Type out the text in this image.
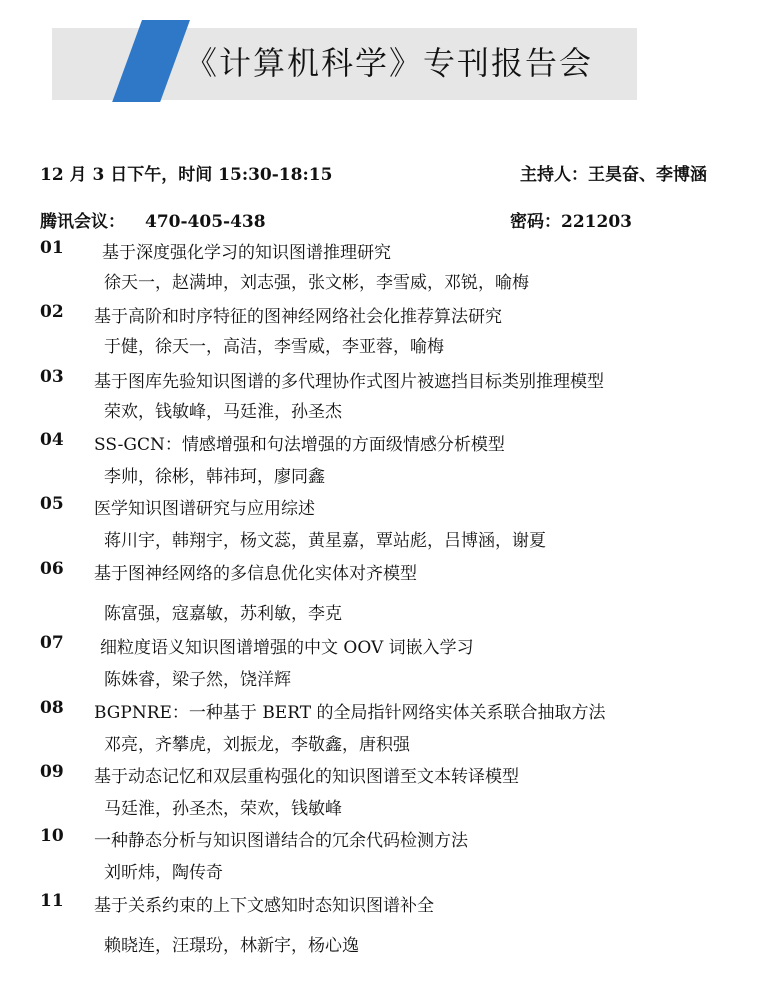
《计算机科学》专刊报告会
12 月 3 日下午，时间 15:30-18:15	主持人：王昊奋、李博涵
腾讯会议： 470-405-438	密码：221203
01 基于深度强化学习的知识图谱推理研究
徐天一，赵满坤，刘志强，张文彬，李雪威，邓锐，喻梅
02 基于高阶和时序特征的图神经网络社会化推荐算法研究
于健，徐天一，高洁，李雪威，李亚蓉，喻梅
03 基于图库先验知识图谱的多代理协作式图片被遮挡目标类别推理模型
荣欢，钱敏峰，马廷淮，孙圣杰
04 SS-GCN：情感增强和句法增强的方面级情感分析模型
李帅，徐彬，韩祎珂，廖同鑫
05 医学知识图谱研究与应用综述
蒋川宇，韩翔宇，杨文蕊，黄星嘉，覃站彪，吕博涵，谢夏
06 基于图神经网络的多信息优化实体对齐模型
陈富强，寇嘉敏，苏利敏，李克
07 细粒度语义知识图谱增强的中文 OOV 词嵌入学习
陈姝睿，梁子然，饶洋辉
08 BGPNRE：一种基于 BERT 的全局指针网络实体关系联合抽取方法
邓亮，齐攀虎，刘振龙，李敬鑫，唐积强
09 基于动态记忆和双层重构强化的知识图谱至文本转译模型
马廷淮，孙圣杰，荣欢，钱敏峰
10 一种静态分析与知识图谱结合的冗余代码检测方法
刘昕炜，陶传奇
11 基于关系约束的上下文感知时态知识图谱补全
赖晓连，汪璟玢，林新宇，杨心逸
